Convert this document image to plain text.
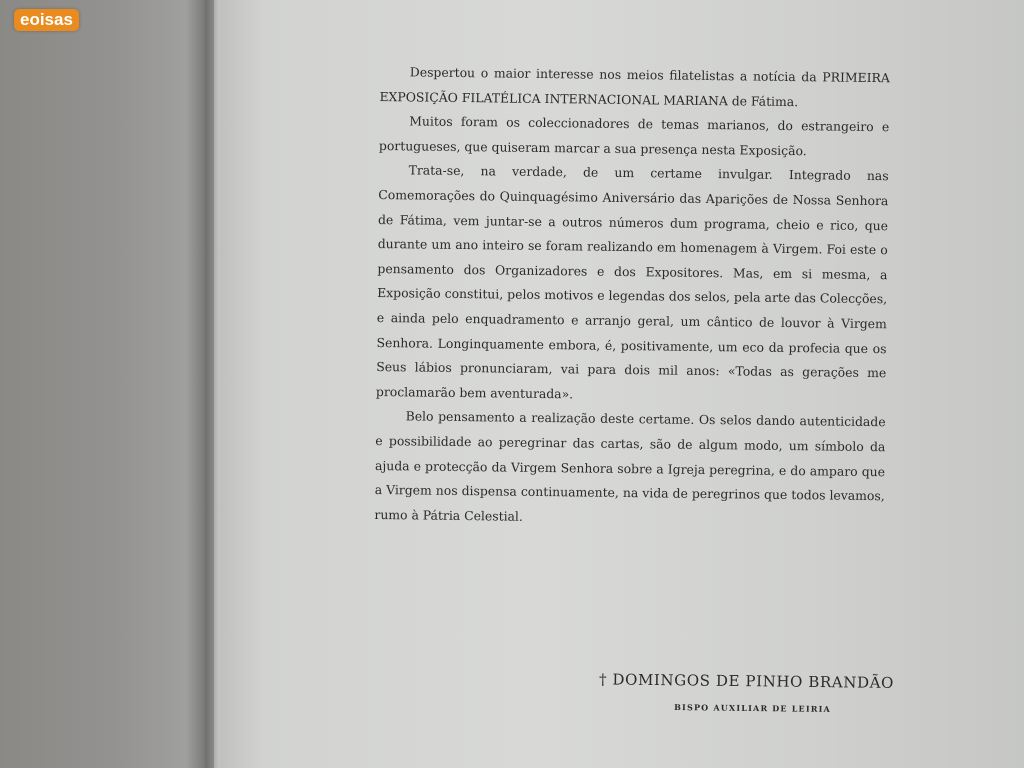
eoisas

Despertou o maior interesse nos meios filatelistas a notícia da PRIMEIRA EXPOSIÇÃO FILATÉLICA INTERNACIONAL MARIANA de Fátima.

Muitos foram os coleccionadores de temas marianos, do estrangeiro e portugueses, que quiseram marcar a sua presença nesta Exposição.

Trata-se, na verdade, de um certame invulgar. Integrado nas Comemorações do Quinquagésimo Aniversário das Aparições de Nossa Senhora de Fátima, vem juntar-se a outros números dum programa, cheio e rico, que durante um ano inteiro se foram realizando em homenagem à Virgem. Foi este o pensamento dos Organizadores e dos Expositores. Mas, em si mesma, a Exposição constitui, pelos motivos e legendas dos selos, pela arte das Colecções, e ainda pelo enquadramento e arranjo geral, um cântico de louvor à Virgem Senhora. Longinquamente embora, é, positivamente, um eco da profecia que os Seus lábios pronunciaram, vai para dois mil anos: «Todas as gerações me proclamarão bem aventurada».

Belo pensamento a realização deste certame. Os selos dando autenticidade e possibilidade ao peregrinar das cartas, são de algum modo, um símbolo da ajuda e protecção da Virgem Senhora sobre a Igreja peregrina, e do amparo que a Virgem nos dispensa continuamente, na vida de peregrinos que todos levamos, rumo à Pátria Celestial.

† DOMINGOS DE PINHO BRANDÃO
BISPO AUXILIAR DE LEIRIA
